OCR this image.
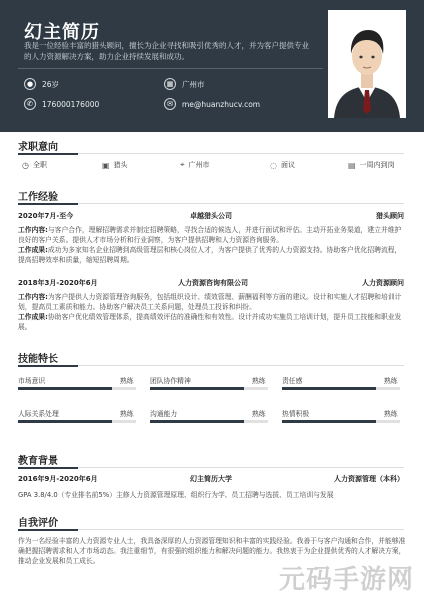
幻主简历
我是一位经验丰富的猎头顾问，擅长为企业寻找和吸引优秀的人才，并为客户提供专业的人力资源解决方案，助力企业持续发展和成功。
●	26岁	▦	广州市
✆	176000176000	✉	me@huanzhucv.com
求职意向
◷ 全职	▣ 猎头	⌖ 广州市	◌ 面议	▤ 一周内到岗
工作经验
2020年7月-至今	卓越猎头公司	猎头顾问
工作内容:与客户合作，理解招聘需求并制定招聘策略，寻找合适的候选人，并进行面试和评估。主动开拓业务渠道，建立并维护良好的客户关系。提供人才市场分析和行业洞察，为客户提供招聘和人力资源咨询服务。
工作成果:成功为多家知名企业招聘到高级管理层和核心岗位人才，为客户提供了优秀的人力资源支持。协助客户优化招聘流程，提高招聘效率和质量，缩短招聘周期。
2018年3月-2020年6月	人力资源咨询有限公司	人力资源顾问
工作内容:为客户提供人力资源管理咨询服务，包括组织设计、绩效管理、薪酬福利等方面的建议。设计和实施人才招聘和培训计划，提高员工素质和能力。协助客户解决员工关系问题，处理员工投诉和纠纷。
工作成果:协助客户优化绩效管理体系，提高绩效评估的准确性和有效性。设计并成功实施员工培训计划，提升员工技能和职业发展。
技能特长
市场意识	熟练 团队协作精神	熟练 责任感	熟练
人际关系处理	熟练 沟通能力	熟练 热情积极	熟练
教育背景
2016年9月-2020年6月	幻主简历大学	人力资源管理（本科）
GPA 3.8/4.0（专业排名前5%）主修人力资源管理原理、组织行为学、员工招聘与选拔、员工培训与发展
自我评价
作为一名经验丰富的人力资源专业人士，我具备深厚的人力资源管理知识和丰富的实践经验。我善于与客户沟通和合作，并能够准确把握招聘需求和人才市场动态。我注重细节，有很强的组织能力和解决问题的能力。我热衷于为企业提供优秀的人才解决方案，推动企业发展和员工成长。
元码手游网
